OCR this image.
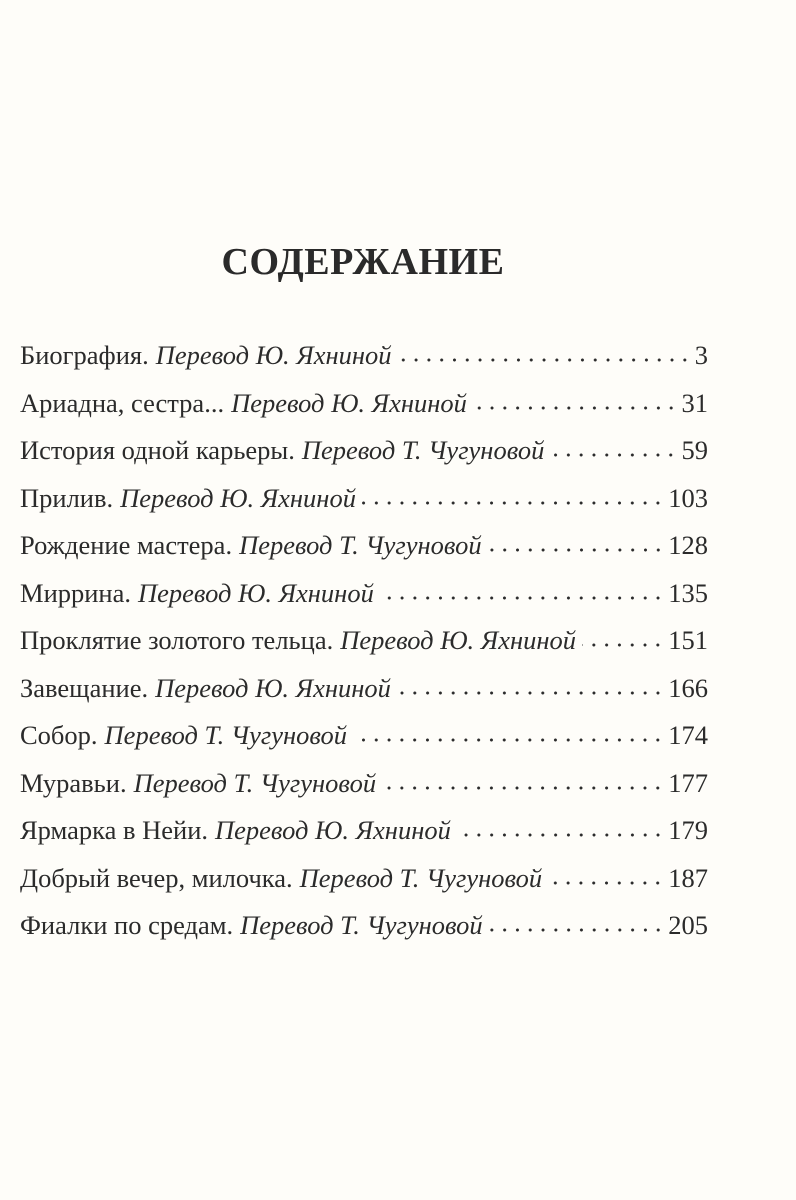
СОДЕРЖАНИЕ
Биография. Перевод Ю. Яхниной	3
Ариадна, сестра... Перевод Ю. Яхниной	31
История одной карьеры. Перевод Т. Чугуновой	59
Прилив. Перевод Ю. Яхниной	103
Рождение мастера. Перевод Т. Чугуновой	128
Миррина. Перевод Ю. Яхниной	135
Проклятие золотого тельца. Перевод Ю. Яхниной	151
Завещание. Перевод Ю. Яхниной	166
Собор. Перевод Т. Чугуновой	174
Муравьи. Перевод Т. Чугуновой	177
Ярмарка в Нейи. Перевод Ю. Яхниной	179
Добрый вечер, милочка. Перевод Т. Чугуновой	187
Фиалки по средам. Перевод Т. Чугуновой	205
